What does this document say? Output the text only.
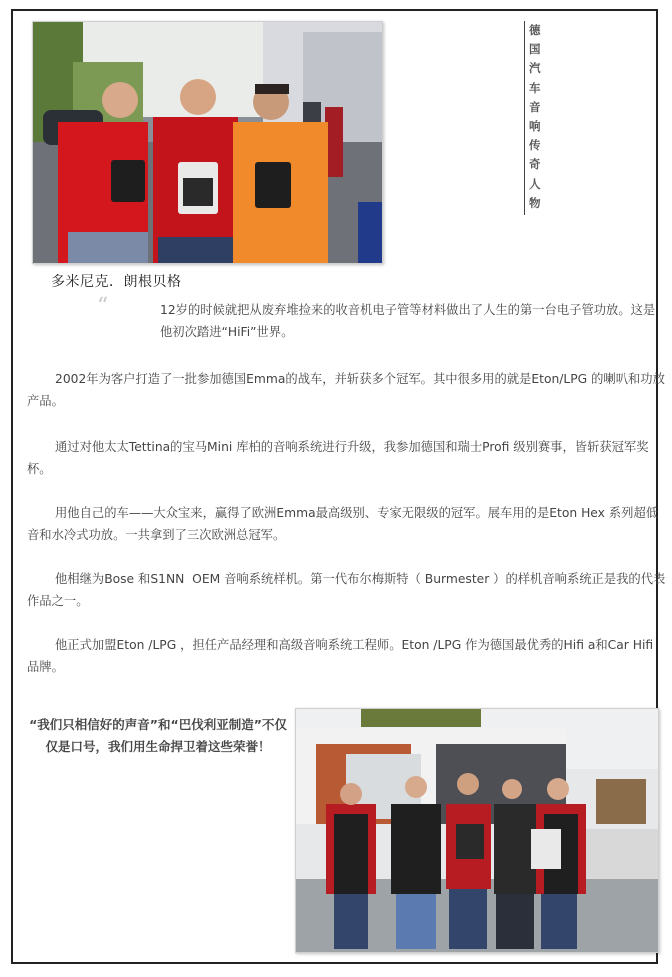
德
国
汽
车
音
响
传
奇
人
物
多米尼克．朗根贝格
“	12岁的时候就把从废弃堆捡来的收音机电子管等材料做出了人生的第一台电子管功放。这是他初次踏进“HiFi”世界。
2002年为客户打造了一批参加德国Emma的战车，并斩获多个冠军。其中很多用的就是Eton/LPG 的喇叭和功放产品。
通过对他太太Tettina的宝马Mini 库柏的音响系统进行升级，我参加德国和瑞士Profi 级别赛事，皆斩获冠军奖杯。
用他自己的车——大众宝来，赢得了欧洲Emma最高级别、专家无限级的冠军。展车用的是Eton Hex 系列超低音和水冷式功放。一共拿到了三次欧洲总冠军。
他相继为Bose 和S1NN  OEM 音响系统样机。第一代布尔梅斯特（ Burmester ）的样机音响系统正是我的代表作品之一。
他正式加盟Eton /LPG ，担任产品经理和高级音响系统工程师。Eton /LPG 作为德国最优秀的Hifi a和Car Hifi 品牌。
“我们只相信好的声音”和“巴伐利亚制造”不仅仅是口号，我们用生命捍卫着这些荣誉！
